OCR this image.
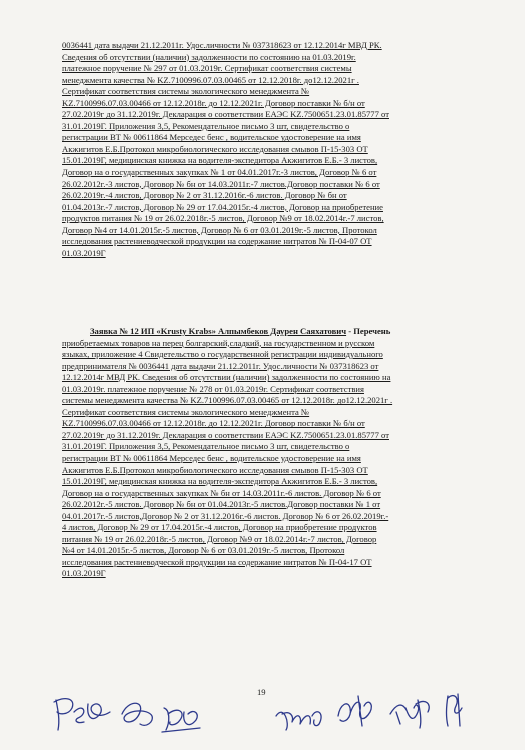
0036441 дата выдачи 21.12.2011г. Удос.личности № 037318623 от 12.12.2014г МВД РК.
Сведения об отсутствии (наличии) задолженности по состоянию на 01.03.2019г.
платежное поручение № 297 от 01.03.2019г. Сертификат соответствия системы
менеджмента качества № KZ.7100996.07.03.00465 от 12.12.2018г. до12.12.2021г .
Сертификат соответствия системы экологического менеджмента №
KZ.7100996.07.03.00466 от 12.12.2018г. до 12.12.2021г. Договор поставки № б/н от
27.02.2019г до 31.12.2019г. Декларация о соответствии ЕАЭС KZ.7500651.23.01.85777 от
31.01.2019Г. Приложения 3,5, Рекомендательное письмо 3 шт, свидетельство о
регистрации ВТ № 00611864 Мерседес бенс , водительское удостоверение на имя
Акжигитов Е.Б.Протокол микробиологического исследования смывов П-15-303 ОТ
15.01.2019Г, медицинская книжка на водителя-экспедитора Акжигитов Е.Б.- 3 листов,
Договор на о государственных закупках № 1 от 04.01.2017г.-3 листов, Договор № 6 от
26.02.2012г.-3 листов, Договор № бн от 14.03.2011г.-7 листов.Договор поставки № 6 от
26.02.2019г.-4 листов, Договор № 2 от 31.12.2016г.-6 листов. Договор № бн от
01.04.2013г.-7 листов, Договор № 29 от 17.04.2015г.-4 листов, Договор на приобретение
продуктов питания № 19 от 26.02.2018г.-5 листов, Договор №9 от 18.02.2014г.-7 листов,
Договор №4 от 14.01.2015г.-5 листов, Договор № 6 от 03.01.2019г.-5 листов, Протокол
исследования растениеводческой продукции на содержание нитратов № П-04-07 ОТ
01.03.2019Г
Заявка № 12 ИП «Krusty Krabs» Алпымбеков Даурен Саяхатович - Перечень
приобретаемых товаров на перец болгарский,сладкий, на государственном и русском
языках, приложение 4 Свидетельство о государственной регистрации индивидуального
предпринимателя № 0036441 дата выдачи 21.12.2011г. Удос.личности № 037318623 от
12.12.2014г МВД РК. Сведения об отсутствии (наличии) задолженности по состоянию на
01.03.2019г. платежное поручение № 278 от 01.03.2019г. Сертификат соответствия
системы менеджмента качества № KZ.7100996.07.03.00465 от 12.12.2018г. до12.12.2021г .
Сертификат соответствия системы экологического менеджмента №
KZ.7100996.07.03.00466 от 12.12.2018г. до 12.12.2021г. Договор поставки № б/н от
27.02.2019г до 31.12.2019г. Декларация о соответствии ЕАЭС KZ.7500651.23.01.85777 от
31.01.2019Г. Приложения 3,5, Рекомендательное письмо 3 шт, свидетельство о
регистрации ВТ № 00611864 Мерседес бенс , водительское удостоверение на имя
Акжигитов Е.Б.Протокол микробиологического исследования смывов П-15-303 ОТ
15.01.2019Г, медицинская книжка на водителя-экспедитора Акжигитов Е.Б.- 3 листов,
Договор на о государственных закупках № бн от 14.03.2011г.-6 листов. Договор № 6 от
26.02.2012г.-5 листов. Договор № бн от 01.04.2013г.-5 листов.Договор поставки № 1 от
04.01.2017г.-5 листов,Договор № 2 от 31.12.2016г.-6 листов. Договор № 6 от 26.02.2019г.-
4 листов, Договор № 29 от 17.04.2015г.-4 листов, Договор на приобретение продуктов
питания № 19 от 26.02.2018г.-5 листов, Договор №9 от 18.02.2014г.-7 листов, Договор
№4 от 14.01.2015г.-5 листов, Договор № 6 от 03.01.2019г.-5 листов, Протокол
исследования растениеводческой продукции на содержание нитратов № П-04-17 ОТ
01.03.2019Г
19
